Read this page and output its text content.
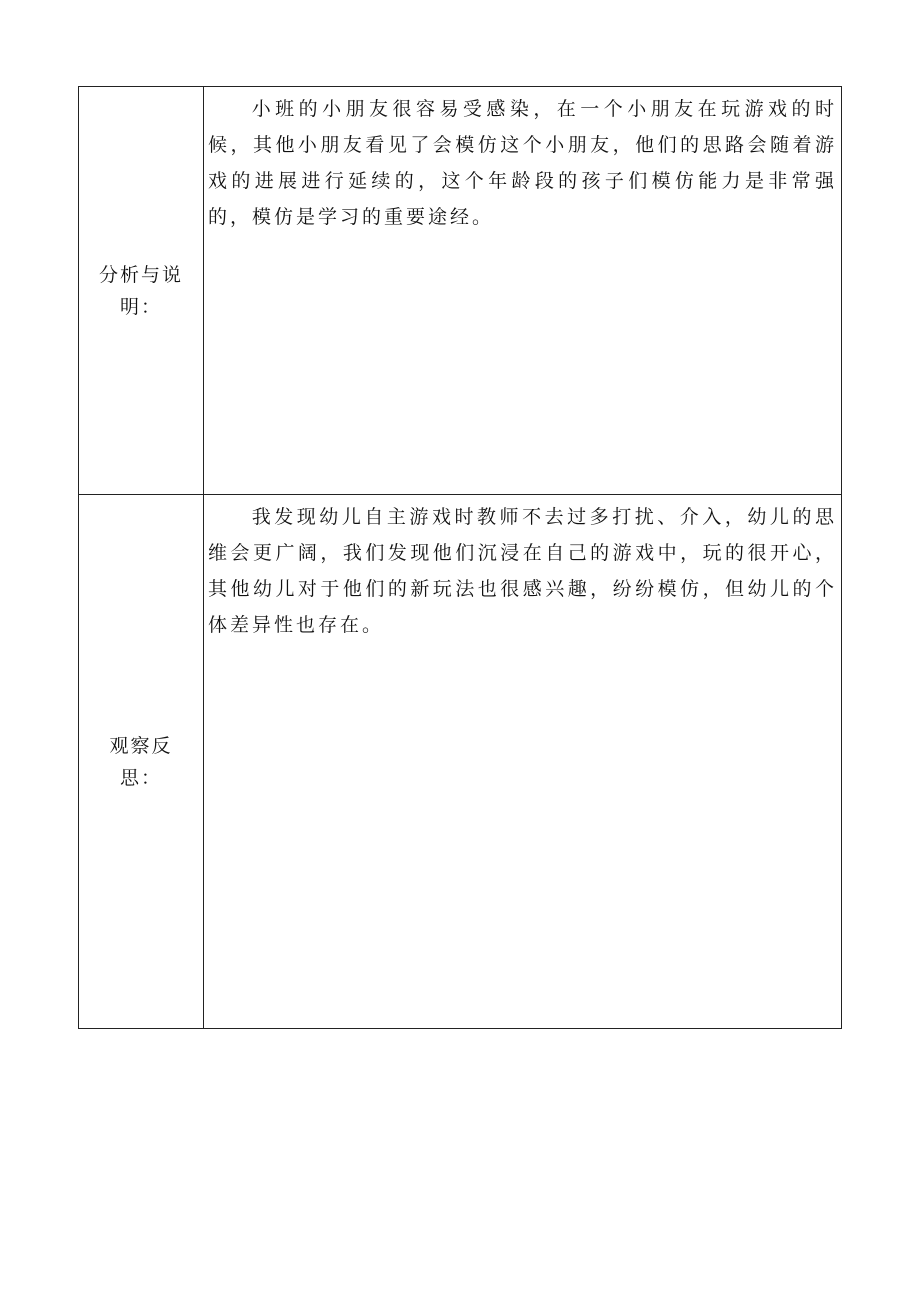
分析与说明：	小班的小朋友很容易受感染，在一个小朋友在玩游戏的时候，其他小朋友看见了会模仿这个小朋友，他们的思路会随着游戏的进展进行延续的，这个年龄段的孩子们模仿能力是非常强的，模仿是学习的重要途经。

观察反思：	我发现幼儿自主游戏时教师不去过多打扰、介入，幼儿的思维会更广阔，我们发现他们沉浸在自己的游戏中，玩的很开心，其他幼儿对于他们的新玩法也很感兴趣，纷纷模仿，但幼儿的个体差异性也存在。
